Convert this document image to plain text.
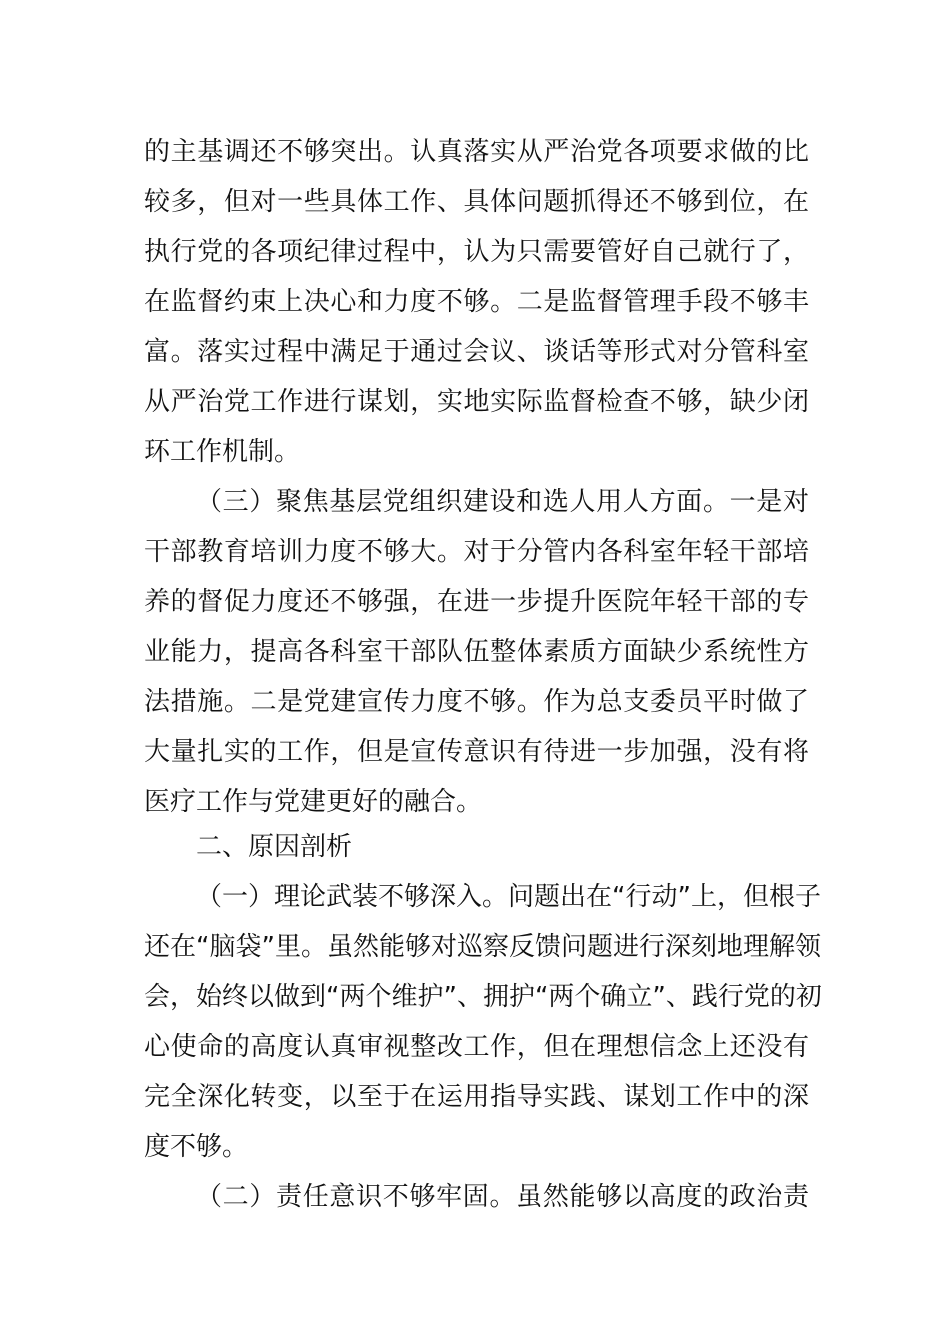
的主基调还不够突出。认真落实从严治党各项要求做的比
较多，但对一些具体工作、具体问题抓得还不够到位，在
执行党的各项纪律过程中，认为只需要管好自己就行了，
在监督约束上决心和力度不够。二是监督管理手段不够丰
富。落实过程中满足于通过会议、谈话等形式对分管科室
从严治党工作进行谋划，实地实际监督检查不够，缺少闭
环工作机制。
（三）聚焦基层党组织建设和选人用人方面。一是对
干部教育培训力度不够大。对于分管内各科室年轻干部培
养的督促力度还不够强，在进一步提升医院年轻干部的专
业能力，提高各科室干部队伍整体素质方面缺少系统性方
法措施。二是党建宣传力度不够。作为总支委员平时做了
大量扎实的工作，但是宣传意识有待进一步加强，没有将
医疗工作与党建更好的融合。
二、原因剖析
（一）理论武装不够深入。问题出在“行动”上，但根子
还在“脑袋”里。虽然能够对巡察反馈问题进行深刻地理解领
会，始终以做到“两个维护”、拥护“两个确立”、践行党的初
心使命的高度认真审视整改工作，但在理想信念上还没有
完全深化转变，以至于在运用指导实践、谋划工作中的深
度不够。
（二）责任意识不够牢固。虽然能够以高度的政治责
